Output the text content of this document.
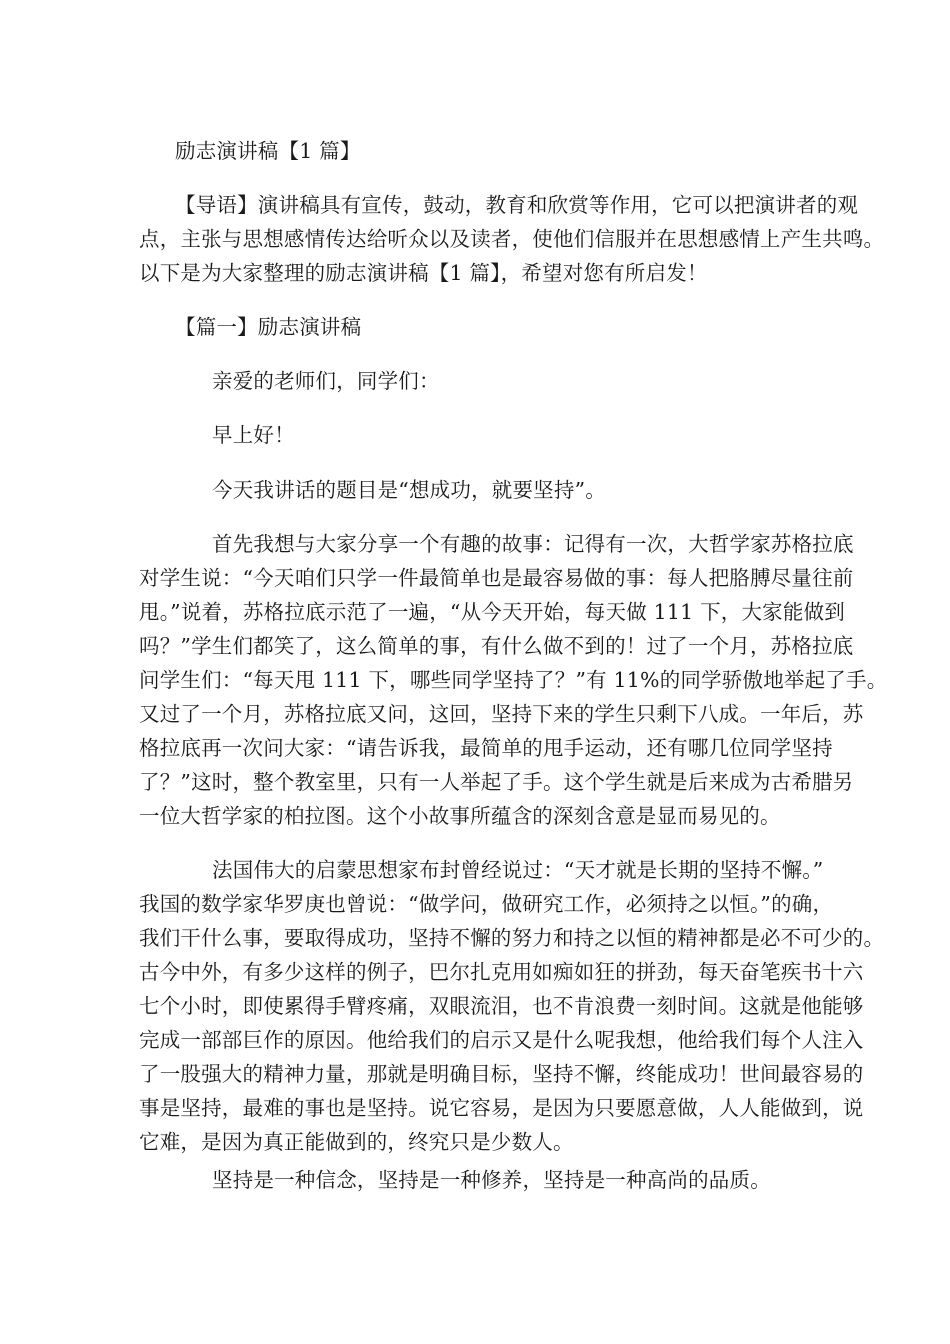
励志演讲稿【1 篇】
【导语】演讲稿具有宣传，鼓动，教育和欣赏等作用，它可以把演讲者的观
点，主张与思想感情传达给听众以及读者，使他们信服并在思想感情上产生共鸣。
以下是为大家整理的励志演讲稿【1 篇】，希望对您有所启发！
【篇一】励志演讲稿
亲爱的老师们，同学们：
早上好！
今天我讲话的题目是“想成功，就要坚持”。
首先我想与大家分享一个有趣的故事：记得有一次，大哲学家苏格拉底
对学生说：“今天咱们只学一件最简单也是最容易做的事：每人把胳膊尽量往前
甩。”说着，苏格拉底示范了一遍，“从今天开始，每天做 111 下，大家能做到
吗？”学生们都笑了，这么简单的事，有什么做不到的！过了一个月，苏格拉底
问学生们：“每天甩 111 下，哪些同学坚持了？”有 11%的同学骄傲地举起了手。
又过了一个月，苏格拉底又问，这回，坚持下来的学生只剩下八成。一年后，苏
格拉底再一次问大家：“请告诉我，最简单的甩手运动，还有哪几位同学坚持
了？”这时，整个教室里，只有一人举起了手。这个学生就是后来成为古希腊另
一位大哲学家的柏拉图。这个小故事所蕴含的深刻含意是显而易见的。
法国伟大的启蒙思想家布封曾经说过：“天才就是长期的坚持不懈。”
我国的数学家华罗庚也曾说：“做学问，做研究工作，必须持之以恒。”的确，
我们干什么事，要取得成功，坚持不懈的努力和持之以恒的精神都是必不可少的。
古今中外，有多少这样的例子，巴尔扎克用如痴如狂的拼劲，每天奋笔疾书十六
七个小时，即使累得手臂疼痛，双眼流泪，也不肯浪费一刻时间。这就是他能够
完成一部部巨作的原因。他给我们的启示又是什么呢我想，他给我们每个人注入
了一股强大的精神力量，那就是明确目标，坚持不懈，终能成功！世间最容易的
事是坚持，最难的事也是坚持。说它容易，是因为只要愿意做，人人能做到，说
它难，是因为真正能做到的，终究只是少数人。
坚持是一种信念，坚持是一种修养，坚持是一种高尚的品质。
